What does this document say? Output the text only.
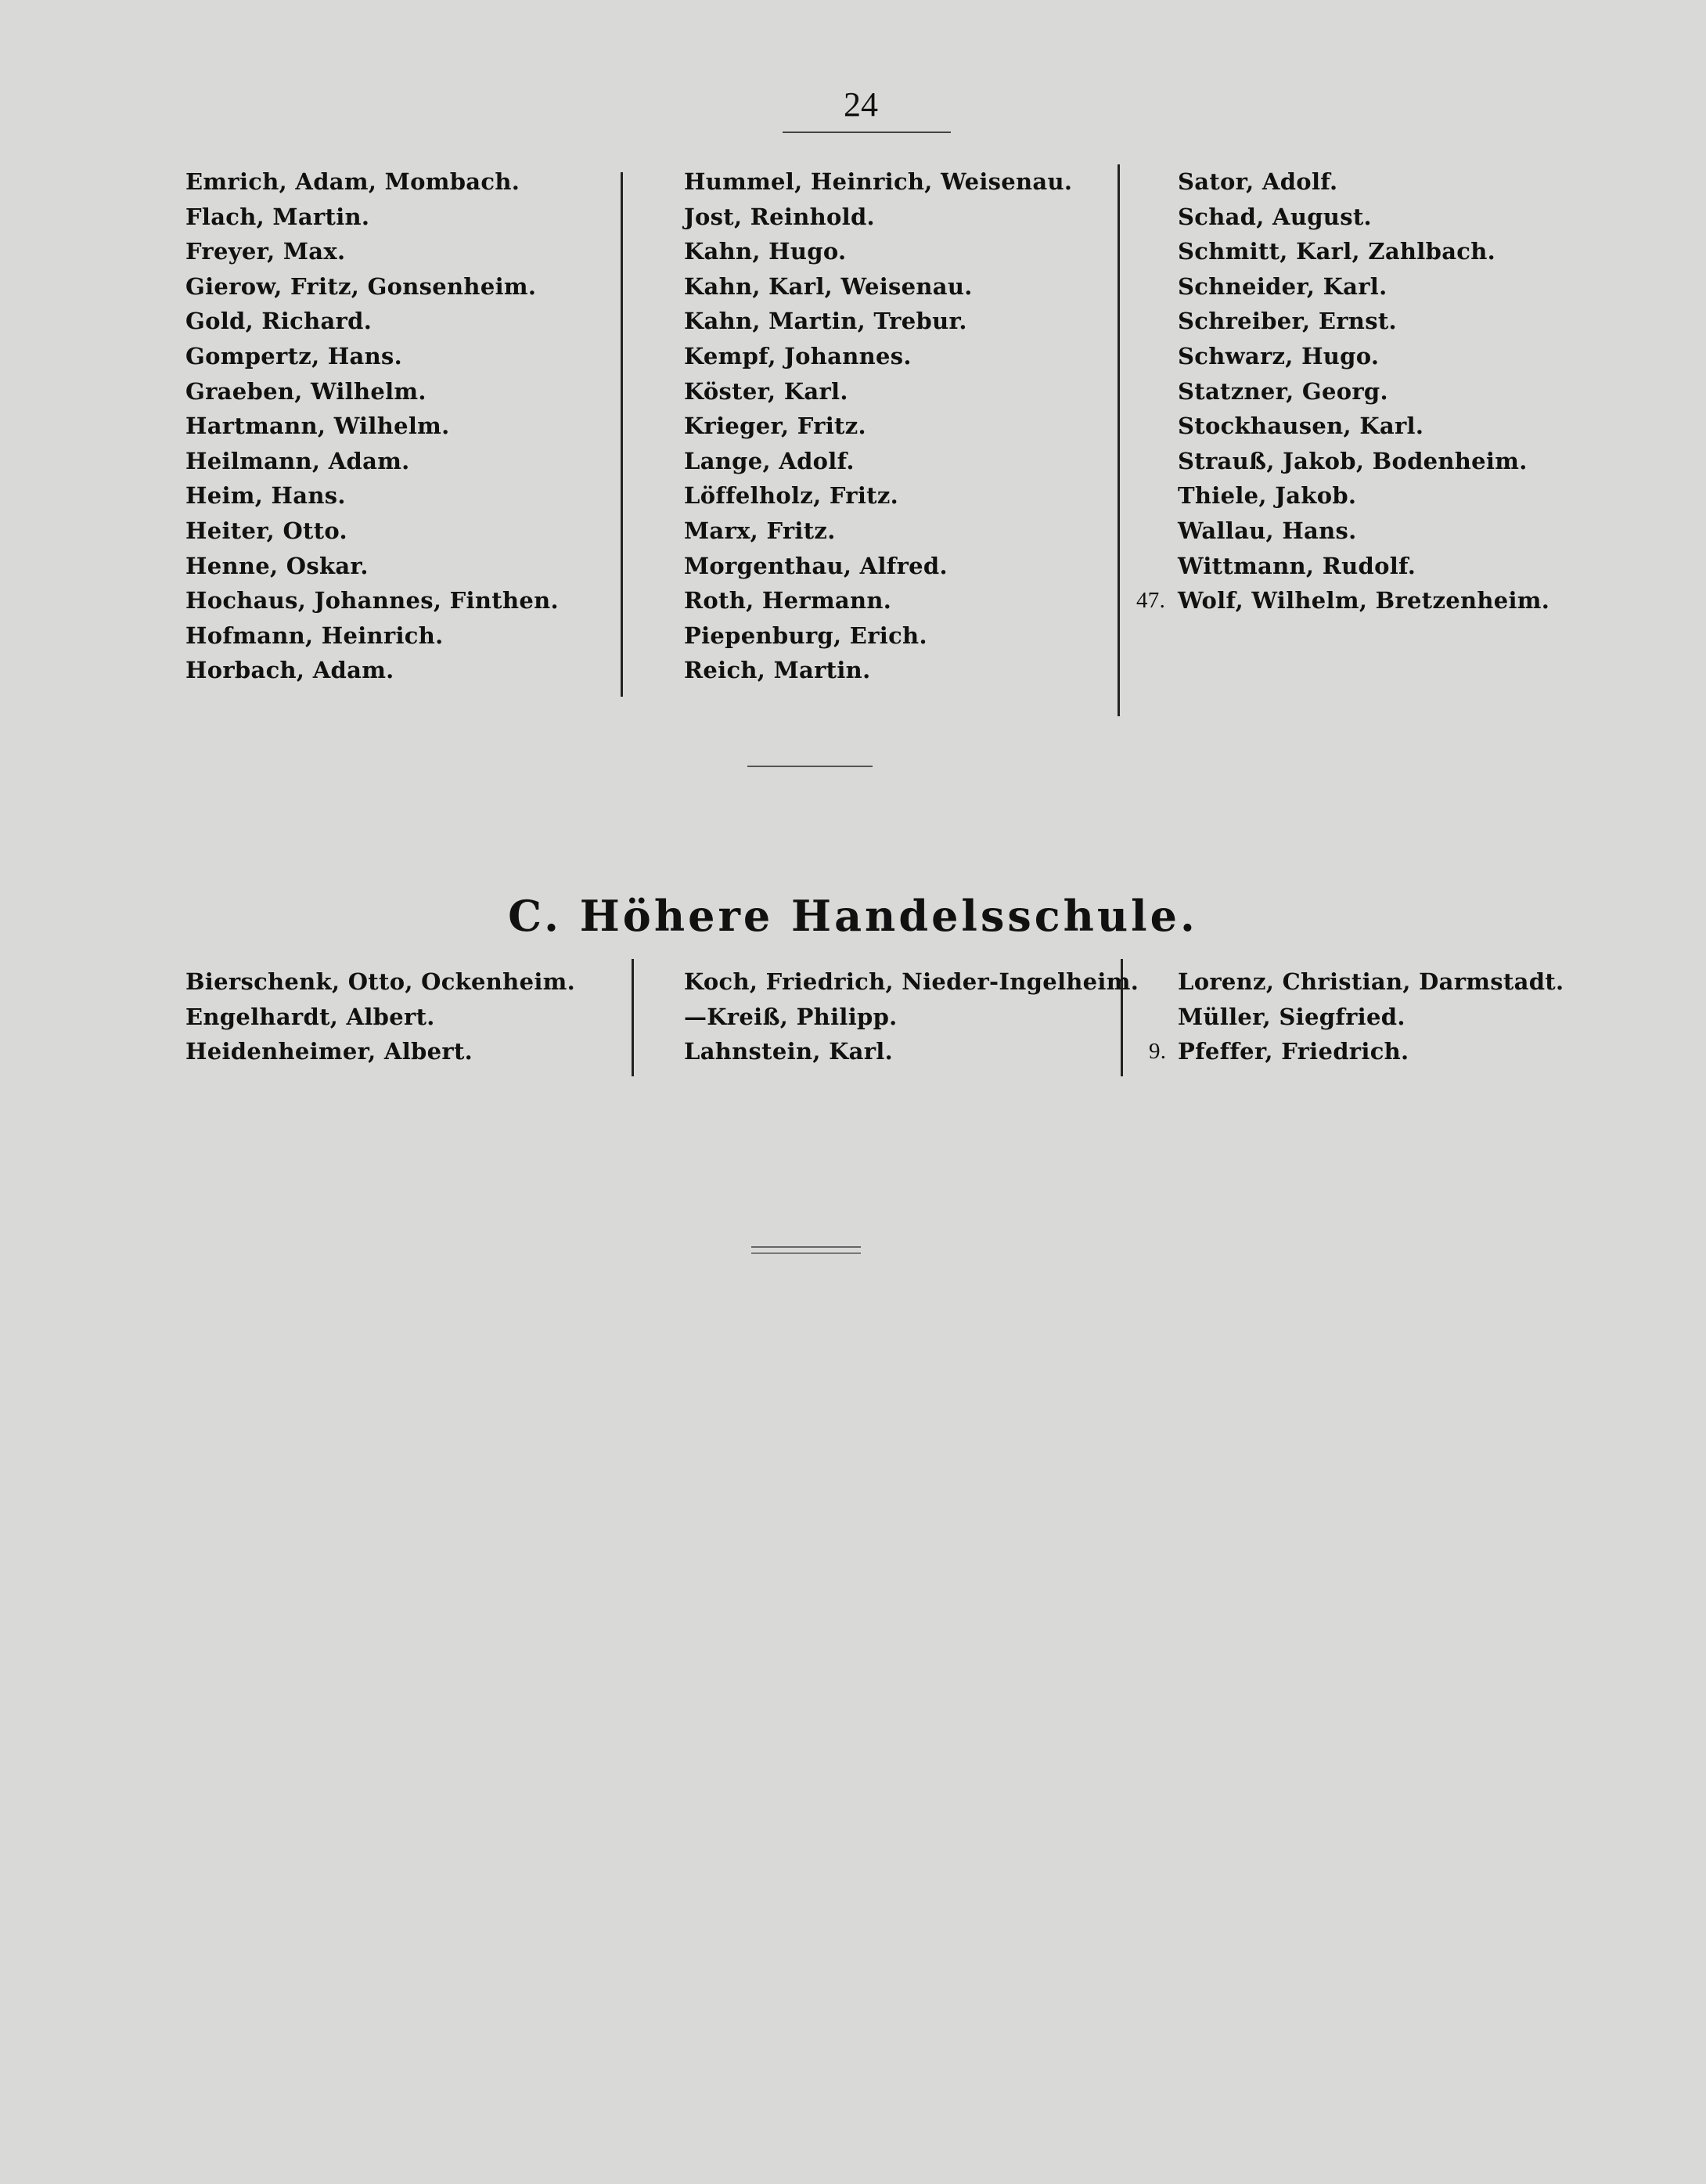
24
Emrich, Adam, Mombach.
Flach, Martin.
Freyer, Max.
Gierow, Fritz, Gonsenheim.
Gold, Richard.
Gompertz, Hans.
Graeben, Wilhelm.
Hartmann, Wilhelm.
Heilmann, Adam.
Heim, Hans.
Heiter, Otto.
Henne, Oskar.
Hochaus, Johannes, Finthen.
Hofmann, Heinrich.
Horbach, Adam.
Hummel, Heinrich, Weisenau.
Jost, Reinhold.
Kahn, Hugo.
Kahn, Karl, Weisenau.
Kahn, Martin, Trebur.
Kempf, Johannes.
Köster, Karl.
Krieger, Fritz.
Lange, Adolf.
Löffelholz, Fritz.
Marx, Fritz.
Morgenthau, Alfred.
Roth, Hermann.
Piepenburg, Erich.
Reich, Martin.
Sator, Adolf.
Schad, August.
Schmitt, Karl, Zahlbach.
Schneider, Karl.
Schreiber, Ernst.
Schwarz, Hugo.
Statzner, Georg.
Stockhausen, Karl.
Strauß, Jakob, Bodenheim.
Thiele, Jakob.
Wallau, Hans.
Wittmann, Rudolf.
Wolf, Wilhelm, Bretzenheim.
47.
C. Höhere Handelsschule.
Bierschenk, Otto, Ockenheim.
Engelhardt, Albert.
Heidenheimer, Albert.
Koch, Friedrich, Nieder-Ingelheim.
—Kreiß, Philipp.
Lahnstein, Karl.
Lorenz, Christian, Darmstadt.
Müller, Siegfried.
Pfeffer, Friedrich.
9.
